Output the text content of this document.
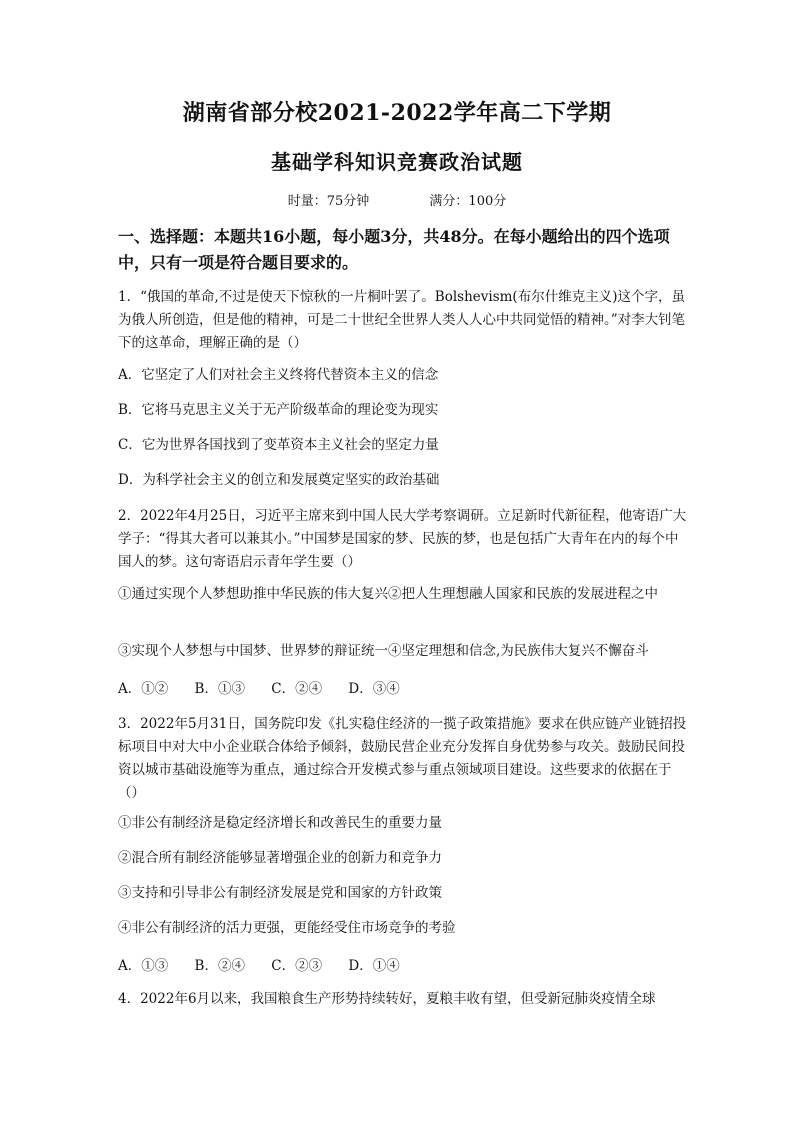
湖南省部分校2021-2022学年高二下学期
基础学科知识竞赛政治试题
时量：75分钟	满分：100分
一、选择题：本题共16小题，每小题3分，共48分。在每小题给出的四个选项中，只有一项是符合题目要求的。
1．“俄国的革命,不过是使天下惊秋的一片桐叶罢了。Bolshevism(布尔什维克主义)这个字，虽为俄人所创造，但是他的精神，可是二十世纪全世界人类人人心中共同觉悟的精神。”对李大钊笔下的这革命，理解正确的是（）
A．它坚定了人们对社会主义终将代替资本主义的信念
B．它将马克思主义关于无产阶级革命的理论变为现实
C．它为世界各国找到了变革资本主义社会的坚定力量
D．为科学社会主义的创立和发展奠定坚实的政治基础
2．2022年4月25日，习近平主席来到中国人民大学考察调研。立足新时代新征程，他寄语广大学子：“得其大者可以兼其小。”中国梦是国家的梦、民族的梦，也是包括广大青年在内的每个中国人的梦。这句寄语启示青年学生要（）
①通过实现个人梦想助推中华民族的伟大复兴②把人生理想融人国家和民族的发展进程之中
③实现个人梦想与中国梦、世界梦的辩证统一④坚定理想和信念,为民族伟大复兴不懈奋斗
A．①② B．①③ C．②④ D．③④
3．2022年5月31日，国务院印发《扎实稳住经济的一揽子政策措施》要求在供应链产业链招投标项目中对大中小企业联合体给予倾斜，鼓励民营企业充分发挥自身优势参与攻关。鼓励民间投资以城市基础设施等为重点，通过综合开发模式参与重点领域项目建设。这些要求的依据在于（）
①非公有制经济是稳定经济增长和改善民生的重要力量
②混合所有制经济能够显著增强企业的创新力和竞争力
③支持和引导非公有制经济发展是党和国家的方针政策
④非公有制经济的活力更强，更能经受住市场竞争的考验
A．①③ B．②④ C．②③ D．①④
4．2022年6月以来，我国粮食生产形势持续转好，夏粮丰收有望，但受新冠肺炎疫情全球
